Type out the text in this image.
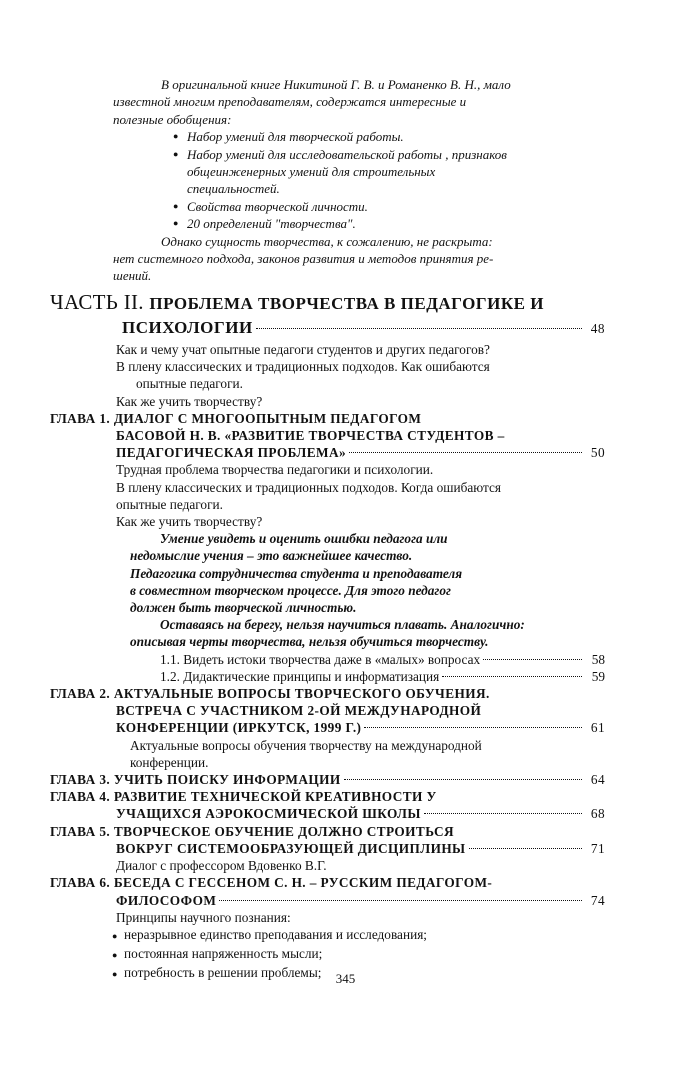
В оригинальной книге Никитиной Г. В. и Романенко В. Н., мало

известной многим преподавателям, содержатся интересные и

полезные обобщения:

● Набор умений для творческой работы.
● Набор умений для исследовательской работы , признаков
общеинженерных умений для строительных
специальностей.
● Свойства творческой личности.
● 20 определений "творчества".

Однако сущность творчества, к сожалению, не раскрыта:

нет системного подхода, законов развития и методов принятия ре-

шений.

ЧАСТЬ II. ПРОБЛЕМА ТВОРЧЕСТВА В ПЕДАГОГИКЕ И
ПСИХОЛОГИИ	48
Как и чему учат опытные педагоги студентов и других педагогов?
В плену классических и традиционных подходов. Как ошибаются
опытные педагоги.
Как же учить творчеству?
ГЛАВА 1. ДИАЛОГ С МНОГООПЫТНЫМ ПЕДАГОГОМ
БАСОВОЙ Н. В. «РАЗВИТИЕ ТВОРЧЕСТВА СТУДЕНТОВ –
ПЕДАГОГИЧЕСКАЯ ПРОБЛЕМА»	50
Трудная проблема творчества педагогики и психологии.
В плену классических и традиционных подходов. Когда ошибаются
опытные педагоги.
Как же учить творчеству?
Умение увидеть и оценить ошибки педагога или
недомыслие учения – это важнейшее качество.
Педагогика сотрудничества студента и преподавателя
в совместном творческом процессе. Для этого педагог
должен быть творческой личностью.
Оставаясь на берегу, нельзя научиться плавать. Аналогично:
описывая черты творчества, нельзя обучиться творчеству.
1.1. Видеть истоки творчества даже в «малых» вопросах	58
1.2. Дидактические принципы и информатизация	59
ГЛАВА 2. АКТУАЛЬНЫЕ ВОПРОСЫ ТВОРЧЕСКОГО ОБУЧЕНИЯ.
ВСТРЕЧА С УЧАСТНИКОМ 2-ОЙ МЕЖДУНАРОДНОЙ
КОНФЕРЕНЦИИ (ИРКУТСК, 1999 Г.)	61
Актуальные вопросы обучения творчеству на международной
конференции.
ГЛАВА 3. УЧИТЬ ПОИСКУ ИНФОРМАЦИИ	64
ГЛАВА 4. РАЗВИТИЕ ТЕХНИЧЕСКОЙ КРЕАТИВНОСТИ У
УЧАЩИХСЯ АЭРОКОСМИЧЕСКОЙ ШКОЛЫ	68
ГЛАВА 5. ТВОРЧЕСКОЕ ОБУЧЕНИЕ ДОЛЖНО СТРОИТЬСЯ
ВОКРУГ СИСТЕМООБРАЗУЮЩЕЙ ДИСЦИПЛИНЫ	71
Диалог с профессором Вдовенко В.Г.
ГЛАВА 6. БЕСЕДА С ГЕССЕНОМ С. Н. – РУССКИМ ПЕДАГОГОМ-
ФИЛОСОФОМ	74
Принципы научного познания:
● неразрывное единство преподавания и исследования;
● постоянная напряженность мысли;
● потребность в решении проблемы;	345
